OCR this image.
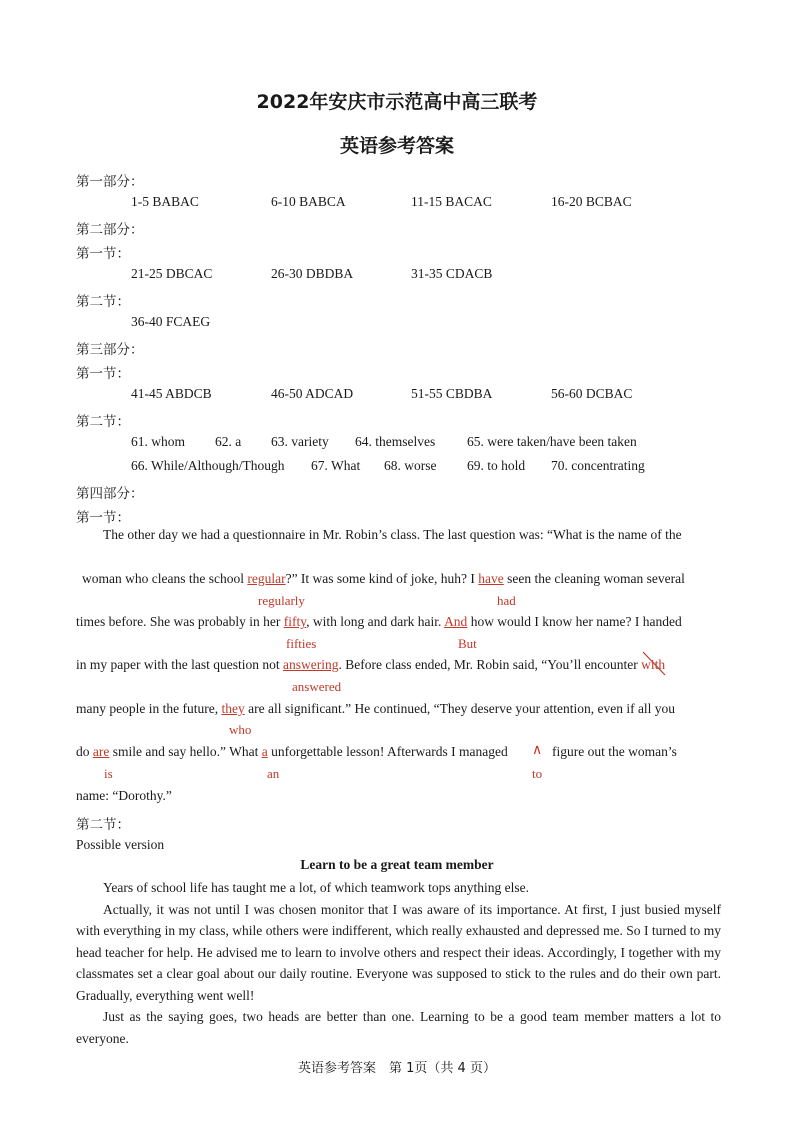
2022年安庆市示范高中高三联考
英语参考答案
第一部分：
1-5 BABAC	6-10 BABCA	11-15 BACAC	16-20 BCBAC
第二部分：
第一节：
21-25 DBCAC	26-30 DBDBA	31-35 CDACB
第二节：
36-40 FCAEG
第三部分：
第一节：
41-45 ABDCB	46-50 ADCAD	51-55 CBDBA	56-60 DCBAC
第二节：
61. whom 62. a 63. variety 64. themselves 65. were taken/have been taken
66. While/Although/Though 67. What 68. worse 69. to hold 70. concentrating
第四部分：
第一节：
The other day we had a questionnaire in Mr. Robin’s class. The last question was: “What is the name of the
woman who cleans the school regular?” It was some kind of joke, huh? I have seen the cleaning woman several
regularly	had
times before. She was probably in her fifty, with long and dark hair. And how would I know her name? I handed
fifties	But
in my paper with the last question not answering. Before class ended, Mr. Robin said, “You’ll encounter with
answered
many people in the future, they are all significant.” He continued, “They deserve your attention, even if all you
who
do are smile and say hello.” What a unforgettable lesson! Afterwards I managed ∧ figure out the woman’s
is	an	to
name: “Dorothy.”
第二节：
Possible version
Learn to be a great team member

Years of school life has taught me a lot, of which teamwork tops anything else.

Actually, it was not until I was chosen monitor that I was aware of its importance. At first, I just busied myself with everything in my class, while others were indifferent, which really exhausted and depressed me. So I turned to my head teacher for help. He advised me to learn to involve others and respect their ideas. Accordingly, I together with my classmates set a clear goal about our daily routine. Everyone was supposed to stick to the rules and do their own part. Gradually, everything went well!

Just as the saying goes, two heads are better than one. Learning to be a good team member matters a lot to everyone.

英语参考答案　第 1页（共 4 页）
